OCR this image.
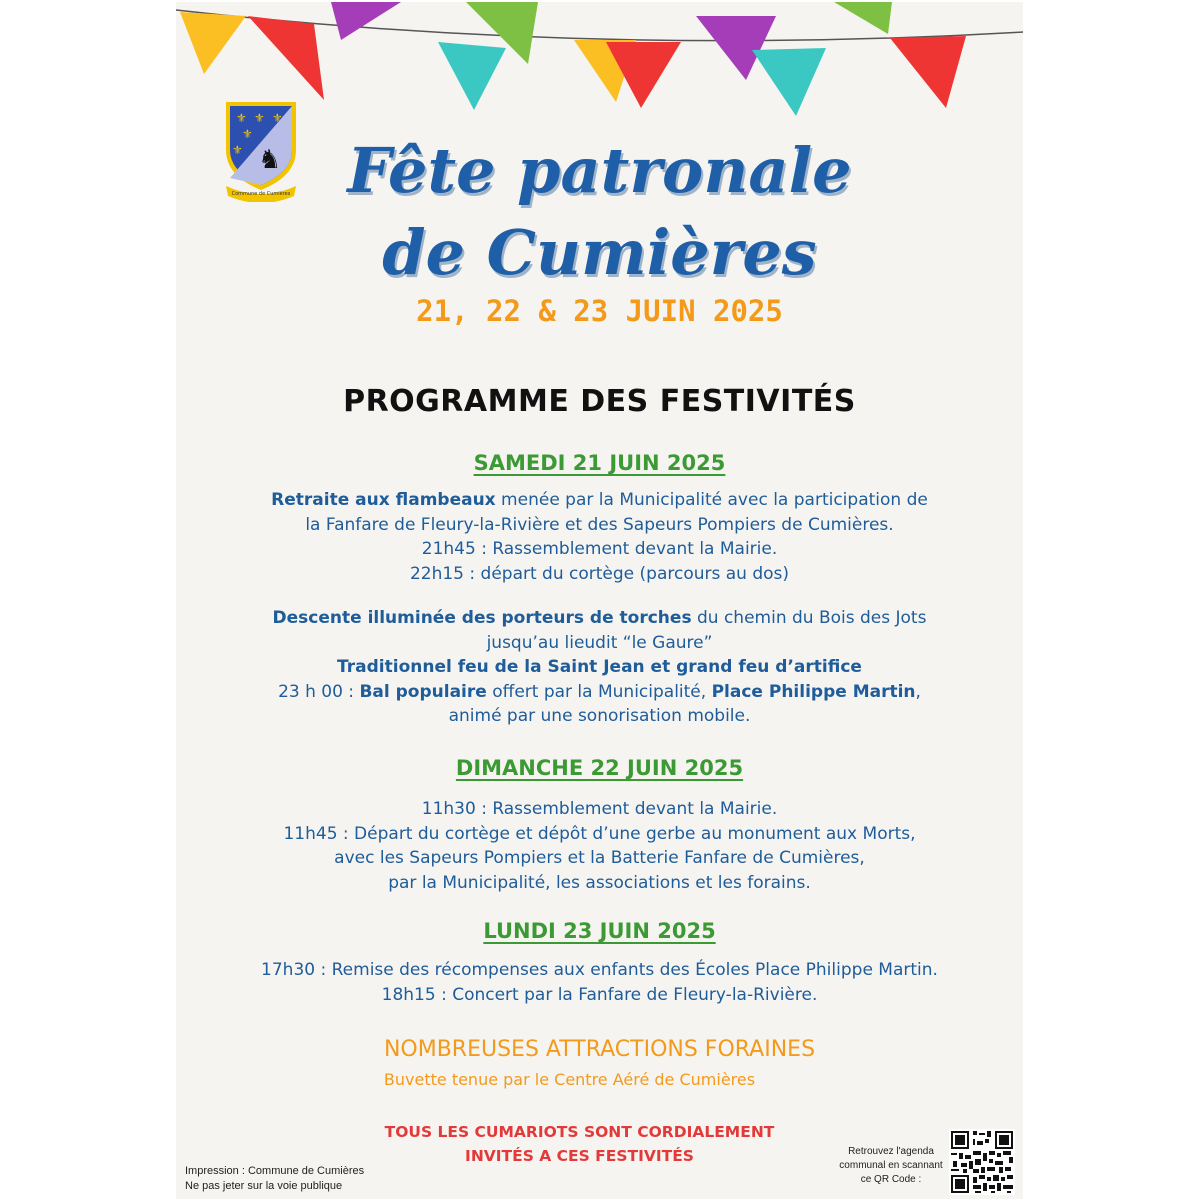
⚜ ⚜ ⚜
⚜
⚜ ♞
Commune de Cumières Fête patronale
de Cumières
21, 22 & 23 JUIN 2025
PROGRAMME DES FESTIVITÉS
SAMEDI 21 JUIN 2025
Retraite aux flambeaux menée par la Municipalité avec la participation de
la Fanfare de Fleury-la-Rivière et des Sapeurs Pompiers de Cumières.
21h45 : Rassemblement devant la Mairie.
22h15 : départ du cortège (parcours au dos)
Descente illuminée des porteurs de torches du chemin du Bois des Jots
jusqu’au lieudit “le Gaure”
Traditionnel feu de la Saint Jean et grand feu d’artifice
23 h 00 : Bal populaire offert par la Municipalité, Place Philippe Martin,
animé par une sonorisation mobile.
DIMANCHE 22 JUIN 2025
11h30 : Rassemblement devant la Mairie.
11h45 : Départ du cortège et dépôt d’une gerbe au monument aux Morts,
avec les Sapeurs Pompiers et la Batterie Fanfare de Cumières,
par la Municipalité, les associations et les forains.
LUNDI 23 JUIN 2025
17h30 : Remise des récompenses aux enfants des Écoles Place Philippe Martin.
18h15 : Concert par la Fanfare de Fleury-la-Rivière.
NOMBREUSES ATTRACTIONS FORAINES
Buvette tenue par le Centre Aéré de Cumières
TOUS LES CUMARIOTS SONT CORDIALEMENT
INVITÉS A CES FESTIVITÉS
Impression : Commune de Cumières
Ne pas jeter sur la voie publique
Retrouvez l'agenda
communal en scannant
ce QR Code :
